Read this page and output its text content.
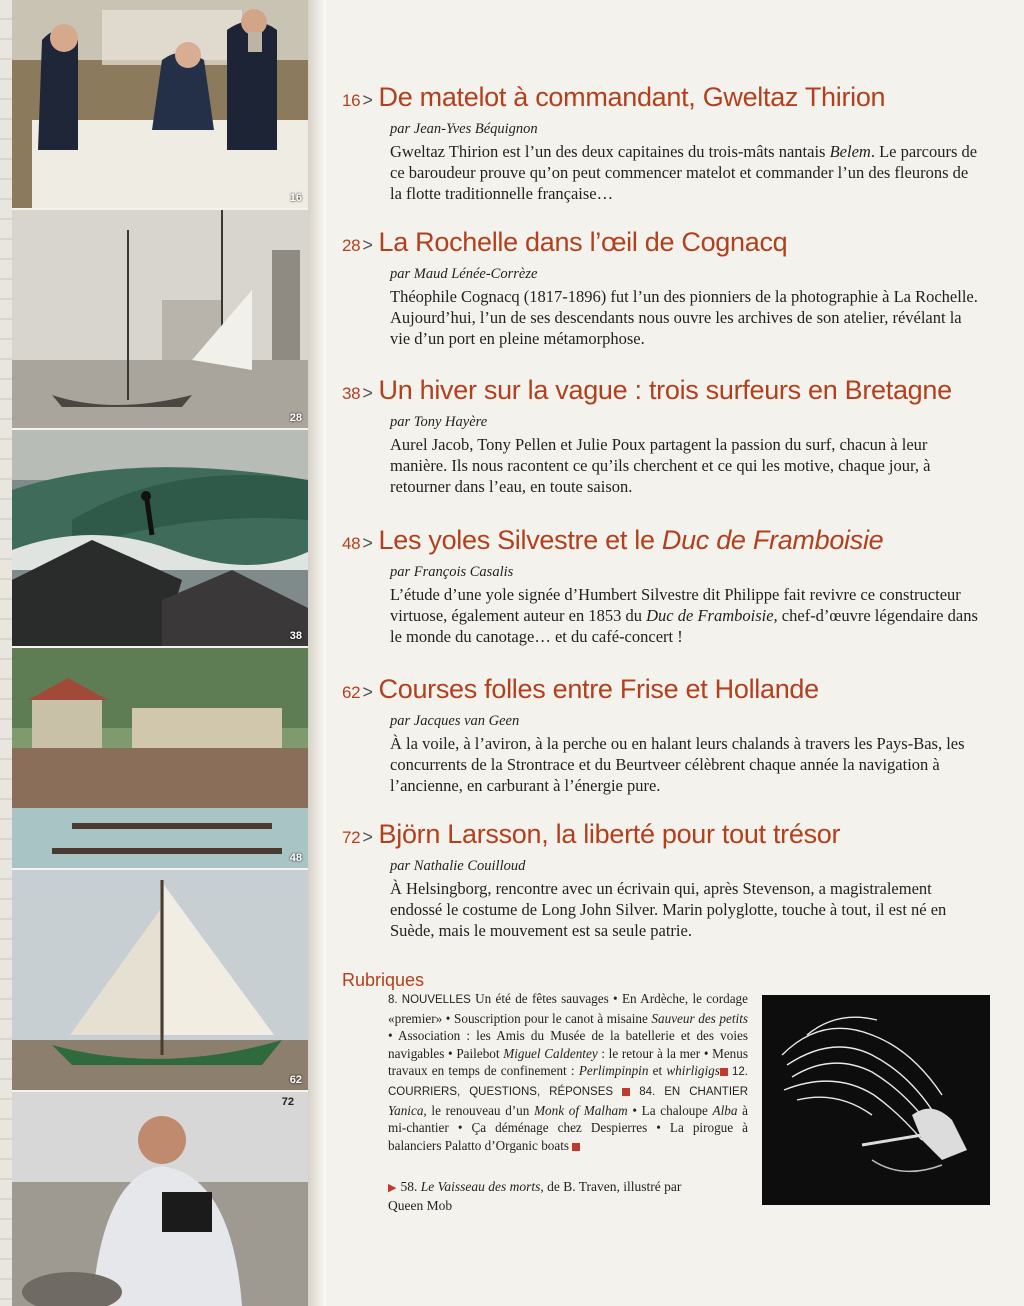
16
28
38
48
62
72
16 > De matelot à commandant, Gweltaz Thirion
par Jean-Yves Béquignon
Gweltaz Thirion est l’un des deux capitaines du trois-mâts nantais Belem. Le parcours de ce baroudeur prouve qu’on peut commencer matelot et commander l’un des fleurons de la flotte traditionnelle française…
28 > La Rochelle dans l’œil de Cognacq
par Maud Lénée-Corrèze
Théophile Cognacq (1817-1896) fut l’un des pionniers de la photographie à La Rochelle. Aujourd’hui, l’un de ses descendants nous ouvre les archives de son atelier, révélant la vie d’un port en pleine métamorphose.
38 > Un hiver sur la vague : trois surfeurs en Bretagne
par Tony Hayère
Aurel Jacob, Tony Pellen et Julie Poux partagent la passion du surf, chacun à leur manière. Ils nous racontent ce qu’ils cherchent et ce qui les motive, chaque jour, à retourner dans l’eau, en toute saison.
48 > Les yoles Silvestre et le Duc de Framboisie
par François Casalis
L’étude d’une yole signée d’Humbert Silvestre dit Philippe fait revivre ce constructeur virtuose, également auteur en 1853 du Duc de Framboisie, chef-d’œuvre légendaire dans le monde du canotage… et du café-concert !
62 > Courses folles entre Frise et Hollande
par Jacques van Geen
À la voile, à l’aviron, à la perche ou en halant leurs chalands à travers les Pays-Bas, les concurrents de la Strontrace et du Beurtveer célèbrent chaque année la navigation à l’ancienne, en carburant à l’énergie pure.
72 > Björn Larsson, la liberté pour tout trésor
par Nathalie Couilloud
À Helsingborg, rencontre avec un écrivain qui, après Stevenson, a magistralement endossé le costume de Long John Silver. Marin polyglotte, touche à tout, il est né en Suède, mais le mouvement est sa seule patrie.
Rubriques
8. NOUVELLES Un été de fêtes sauvages • En Ardèche, le cordage «premier» • Souscription pour le canot à misaine Sauveur des petits • Association : les Amis du Musée de la batellerie et des voies navigables • Pailebot Miguel Caldentey : le retour à la mer • Menus travaux en temps de confinement : Perlimpinpin et whirligigs 12. COURRIERS, QUESTIONS, RÉPONSES  84. EN CHANTIER Yanica, le renouveau d’un Monk of Malham • La chaloupe Alba à mi-chantier • Ça déménage chez Despierres • La pirogue à balanciers Palatto d’Organic boats
▶ 58. Le Vaisseau des morts, de B. Traven, illustré par Queen Mob
